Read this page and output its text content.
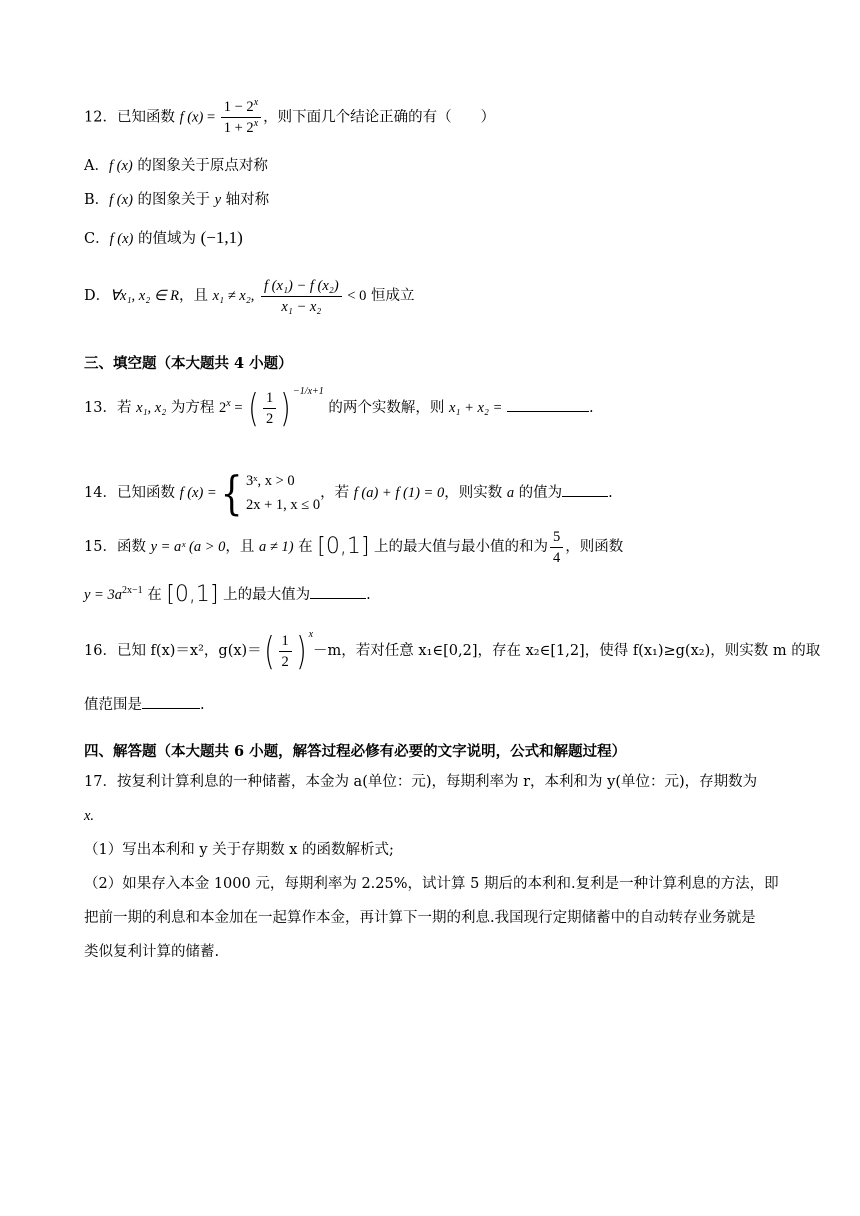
12．已知函数 f $(x) = \frac{1 - 2^x}{1 + 2^x}$ ，则下面几个结论正确的有（　　）
A．f (x) 的图象关于原点对称
B．f (x) 的图象关于 y 轴对称
C．f (x) 的值域为 (−1,1)
D．∀x₁, x₂ ∈ R，且 x₁ ≠ x₂, $\frac{\text{f (x₁) − f (x₂)}}{\text{x₁ − x₂}} < 0$ 恒成立
三、填空题（本大题共 4 小题）
13．若 x₁, x₂ 为方程 $2^x$ = ( $\frac{1}{2}$ ) $^{-1/x+1}$ 的两个实数解，则 x₁ + x₂ =	.
14．已知函数 f (x) ={ 3ˣ, x > 0
2x + 1, x ≤ 0
，若 f (a) + f (1) = 0，则实数 a 的值为	.
15．函数 y = aˣ (a > 0，且 a ≠ 1) 在 [0,1] 上的最大值与最小值的和为 $\frac{5}{4}$ ，则函数
$y = 3a^{2x-1}$ 在 [0,1] 上的最大值为	.
16．已知 f(x)＝x²，$g(x)=( \frac{1}{2}$ ) $^x$－m，若对任意 x₁∈[0,2]，存在 x₂∈[1,2]，使得 f(x₁)≥g(x₂)，则实数 m 的取
值范围是	.
四、解答题（本大题共 6 小题，解答过程必修有必要的文字说明，公式和解题过程）
17．按复利计算利息的一种储蓄，本金为 a(单位：元)，每期利率为 r，本利和为 y(单位：元)，存期数为
x.
（1）写出本利和 y 关于存期数 x 的函数解析式;
（2）如果存入本金 1000 元，每期利率为 2.25%，试计算 5 期后的本利和.复利是一种计算利息的方法，即
把前一期的利息和本金加在一起算作本金，再计算下一期的利息.我国现行定期储蓄中的自动转存业务就是
类似复利计算的储蓄.
